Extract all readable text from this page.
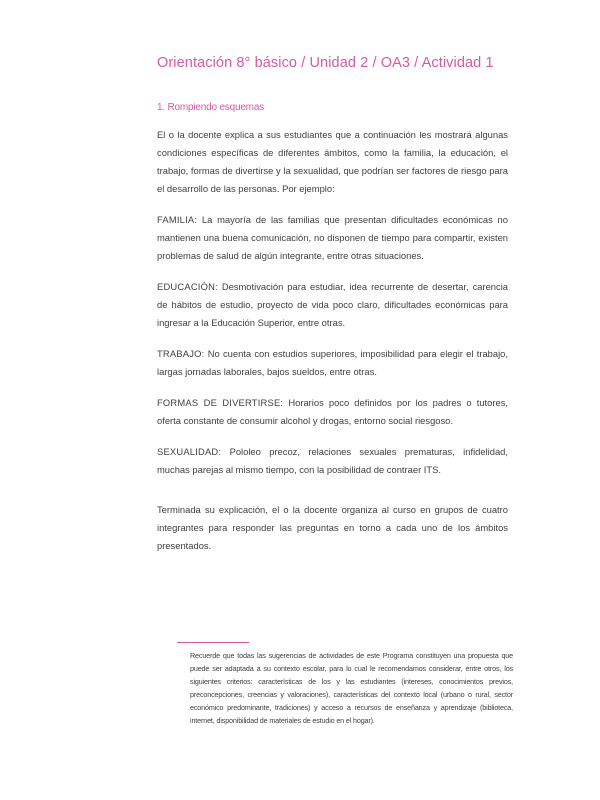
Orientación 8° básico / Unidad 2 / OA3 / Actividad 1
1. Rompiendo esquemas

El o la docente explica a sus estudiantes que a continuación les mostrará algunas condiciones específicas de diferentes ámbitos, como la familia, la educación, el trabajo, formas de divertirse y la sexualidad, que podrían ser factores de riesgo para el desarrollo de las personas. Por ejemplo:

FAMILIA: La mayoría de las familias que presentan dificultades económicas no mantienen una buena comunicación, no disponen de tiempo para compartir, existen problemas de salud de algún integrante, entre otras situaciones.

EDUCACIÓN: Desmotivación para estudiar, idea recurrente de desertar, carencia de hábitos de estudio, proyecto de vida poco claro, dificultades económicas para ingresar a la Educación Superior, entre otras.

TRABAJO: No cuenta con estudios superiores, imposibilidad para elegir el trabajo, largas jornadas laborales, bajos sueldos, entre otras.

FORMAS DE DIVERTIRSE: Horarios poco definidos por los padres o tutores, oferta constante de consumir alcohol y drogas, entorno social riesgoso.

SEXUALIDAD: Pololeo precoz, relaciones sexuales prematuras, infidelidad, muchas parejas al mismo tiempo, con la posibilidad de contraer ITS.

Terminada su explicación, el o la docente organiza al curso en grupos de cuatro integrantes para responder las preguntas en torno a cada uno de los ámbitos presentados.

Recuerde que todas las sugerencias de actividades de este Programa constituyen una propuesta que puede ser adaptada a su contexto escolar, para lo cual le recomendamos considerar, entre otros, los siguientes criterios: características de los y las estudiantes (intereses, conocimientos previos, preconcepciones, creencias y valoraciones), características del contexto local (urbano o rural, sector económico predominante, tradiciones) y acceso a recursos de enseñanza y aprendizaje (biblioteca, internet, disponibilidad de materiales de estudio en el hogar).
